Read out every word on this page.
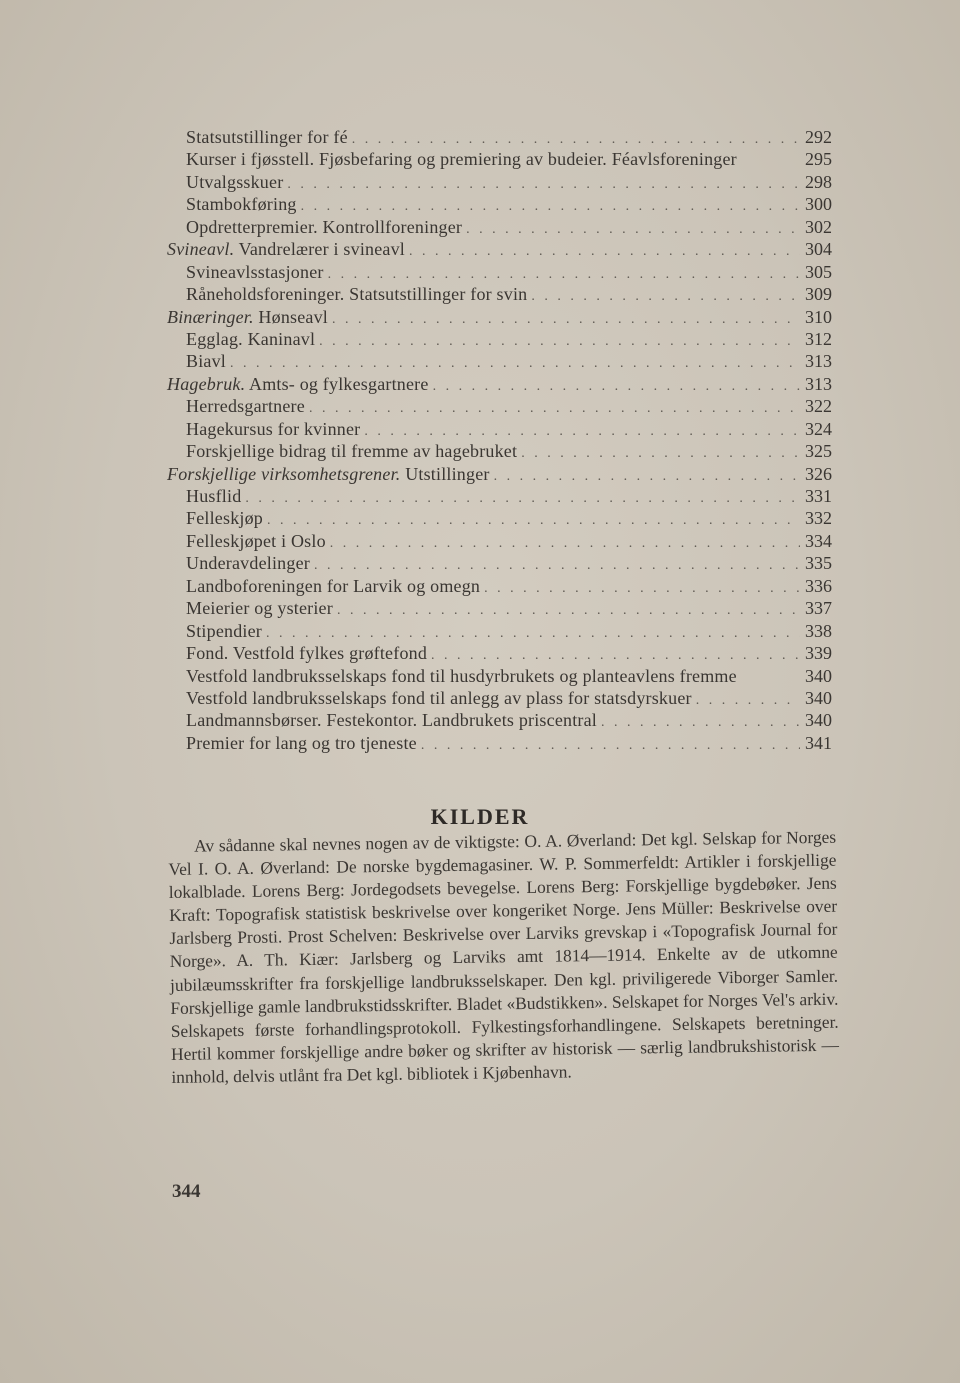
Statsutstillinger for fé . . .	292
Kurser i fjøsstell. Fjøsbefaring og premiering av budeier. Féavlsforeninger	295
Utvalgsskuer . . .	298
Stambokføring . . .	300
Opdretterpremier. Kontrollforeninger . . .	302
Svineavl. Vandrelærer i svineavl . . .	304
Svineavlsstasjoner . . .	305
Råneholdsforeninger. Statsutstillinger for svin . . .	309
Binæringer. Hønseavl . . .	310
Egglag. Kaninavl . . .	312
Biavl . . .	313
Hagebruk. Amts- og fylkesgartnere . . .	313
Herredsgartnere . . .	322
Hagekursus for kvinner . . .	324
Forskjellige bidrag til fremme av hagebruket . . .	325
Forskjellige virksomhetsgrener. Utstillinger . . .	326
Husflid . . .	331
Felleskjøp . . .	332
Felleskjøpet i Oslo . . .	334
Underavdelinger . . .	335
Landboforeningen for Larvik og omegn . . .	336
Meierier og ysterier . . .	337
Stipendier . . .	338
Fond. Vestfold fylkes grøftefond . . .	339
Vestfold landbruksselskaps fond til husdyrbrukets og planteavlens fremme	340
Vestfold landbruksselskaps fond til anlegg av plass for statsdyrskuer . . .	340
Landmannsbørser. Festekontor. Landbrukets priscentral . . .	340
Premier for lang og tro tjeneste . . .	341
KILDER

Av sådanne skal nevnes nogen av de viktigste: O. A. Øverland: Det kgl. Selskap for Norges Vel I. O. A. Øverland: De norske bygdemagasiner. W. P. Sommerfeldt: Artikler i forskjellige lokalblade. Lorens Berg: Jordegodsets bevegelse. Lorens Berg: Forskjellige bygdebøker. Jens Kraft: Topografisk statistisk beskrivelse over kongeriket Norge. Jens Müller: Beskrivelse over Jarlsberg Prosti. Prost Schelven: Beskrivelse over Larviks grevskap i «Topografisk Journal for Norge». A. Th. Kiær: Jarlsberg og Larviks amt 1814—1914. Enkelte av de utkomne jubilæumsskrifter fra forskjellige landbruksselskaper. Den kgl. priviligerede Viborger Samler. Forskjellige gamle landbrukstidsskrifter. Bladet «Budstikken». Selskapet for Norges Vel's arkiv. Selskapets første forhandlingsprotokoll. Fylkestingsforhandlingene. Selskapets beretninger. Hertil kommer forskjellige andre bøker og skrifter av historisk — særlig landbrukshistorisk — innhold, delvis utlånt fra Det kgl. bibliotek i Kjøbenhavn.

344
